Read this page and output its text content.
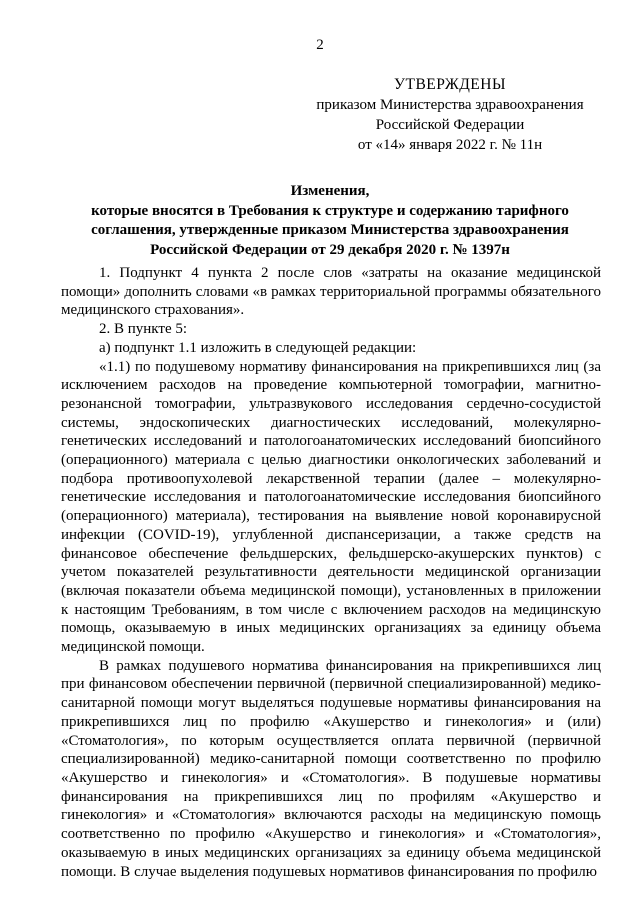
2
УТВЕРЖДЕНЫ
приказом Министерства здравоохранения
Российской Федерации
от «14» января 2022 г. № 11н
Изменения,
которые вносятся в Требования к структуре и содержанию тарифного
соглашения, утвержденные приказом Министерства здравоохранения
Российской Федерации от 29 декабря 2020 г. № 1397н

1. Подпункт 4 пункта 2 после слов «затраты на оказание медицинской помощи» дополнить словами «в рамках территориальной программы обязательного медицинского страхования».

2. В пункте 5:

а) подпункт 1.1 изложить в следующей редакции:

«1.1) по подушевому нормативу финансирования на прикрепившихся лиц (за исключением расходов на проведение компьютерной томографии, магнитно-резонансной томографии, ультразвукового исследования сердечно-сосудистой системы, эндоскопических диагностических исследований, молекулярно-генетических исследований и патологоанатомических исследований биопсийного (операционного) материала с целью диагностики онкологических заболеваний и подбора противоопухолевой лекарственной терапии (далее – молекулярно-генетические исследования и патологоанатомические исследования биопсийного (операционного) материала), тестирования на выявление новой коронавирусной инфекции (COVID-19), углубленной диспансеризации, а также средств на финансовое обеспечение фельдшерских, фельдшерско-акушерских пунктов) с учетом показателей результативности деятельности медицинской организации (включая показатели объема медицинской помощи), установленных в приложении к настоящим Требованиям, в том числе с включением расходов на медицинскую помощь, оказываемую в иных медицинских организациях за единицу объема медицинской помощи.

В рамках подушевого норматива финансирования на прикрепившихся лиц при финансовом обеспечении первичной (первичной специализированной) медико-санитарной помощи могут выделяться подушевые нормативы финансирования на прикрепившихся лиц по профилю «Акушерство и гинекология» и (или) «Стоматология», по которым осуществляется оплата первичной (первичной специализированной) медико-санитарной помощи соответственно по профилю «Акушерство и гинекология» и «Стоматология». В подушевые нормативы финансирования на прикрепившихся лиц по профилям «Акушерство и гинекология» и «Стоматология» включаются расходы на медицинскую помощь соответственно по профилю «Акушерство и гинекология» и «Стоматология», оказываемую в иных медицинских организациях за единицу объема медицинской помощи. В случае выделения подушевых нормативов финансирования по профилю
